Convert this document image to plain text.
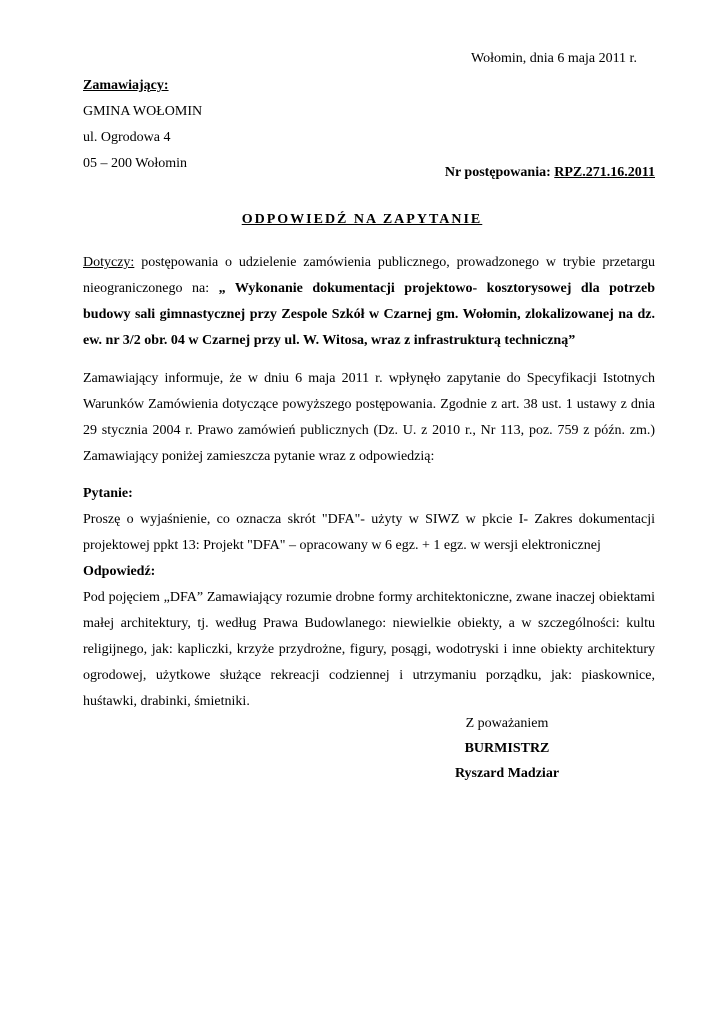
Wołomin, dnia 6 maja 2011 r.
Zamawiający:
GMINA WOŁOMIN
ul. Ogrodowa 4
05 – 200 Wołomin
Nr postępowania: RPZ.271.16.2011
ODPOWIEDŹ NA ZAPYTANIE
Dotyczy: postępowania o udzielenie zamówienia publicznego, prowadzonego w trybie przetargu nieograniczonego na: „ Wykonanie dokumentacji projektowo- kosztorysowej dla potrzeb budowy sali gimnastycznej przy Zespole Szkół w Czarnej gm. Wołomin, zlokalizowanej na dz. ew. nr 3/2 obr. 04 w Czarnej przy ul. W. Witosa, wraz z infrastrukturą techniczną”
Zamawiający informuje, że w dniu 6 maja 2011 r. wpłynęło zapytanie do Specyfikacji Istotnych Warunków Zamówienia dotyczące powyższego postępowania. Zgodnie z art. 38 ust. 1 ustawy z dnia 29 stycznia 2004 r. Prawo zamówień publicznych (Dz. U. z 2010 r., Nr 113, poz. 759 z późn. zm.) Zamawiający poniżej zamieszcza pytanie wraz z odpowiedzią:
Pytanie:
Proszę o wyjaśnienie, co oznacza skrót "DFA"- użyty w SIWZ w pkcie I- Zakres dokumentacji projektowej ppkt 13: Projekt "DFA" – opracowany w 6 egz. + 1 egz. w wersji elektronicznej
Odpowiedź:
Pod pojęciem „DFA” Zamawiający rozumie drobne formy architektoniczne, zwane inaczej obiektami małej architektury, tj. według Prawa Budowlanego: niewielkie obiekty, a w szczególności: kultu religijnego, jak: kapliczki, krzyże przydrożne, figury, posągi, wodotryski i inne obiekty architektury ogrodowej, użytkowe służące rekreacji codziennej i utrzymaniu porządku, jak: piaskownice, huśtawki, drabinki, śmietniki.
Z poważaniem
BURMISTRZ
Ryszard Madziar
